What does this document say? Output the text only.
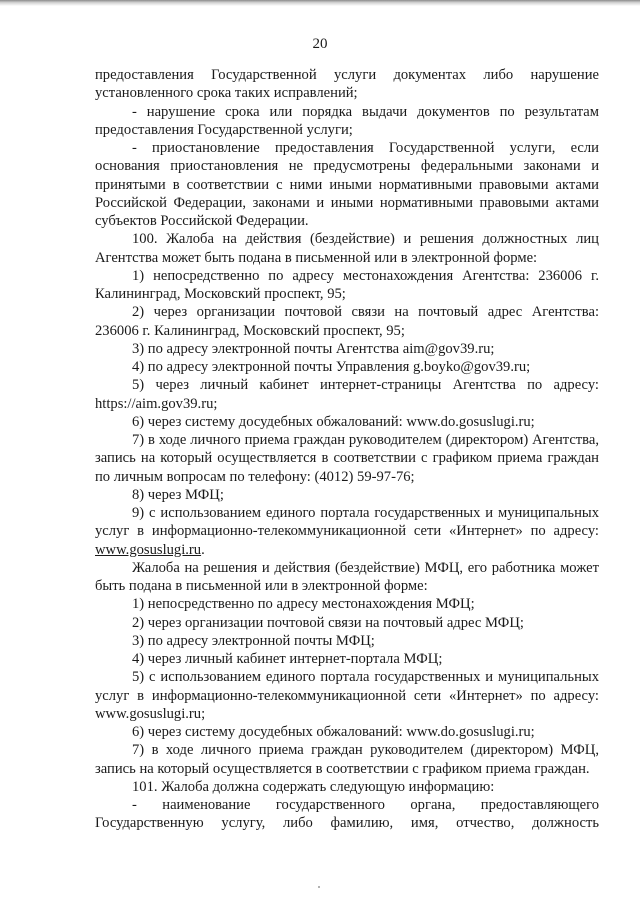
20

предоставления Государственной услуги документах либо нарушение установленного срока таких исправлений;

- нарушение срока или порядка выдачи документов по результатам предоставления Государственной услуги;

- приостановление предоставления Государственной услуги, если основания приостановления не предусмотрены федеральными законами и принятыми в соответствии с ними иными нормативными правовыми актами Российской Федерации, законами и иными нормативными правовыми актами субъектов Российской Федерации.

100. Жалоба на действия (бездействие) и решения должностных лиц Агентства может быть подана в письменной или в электронной форме:

1) непосредственно по адресу местонахождения Агентства: 236006 г. Калининград, Московский проспект, 95;

2) через организации почтовой связи на почтовый адрес Агентства: 236006 г. Калининград, Московский проспект, 95;

3) по адресу электронной почты Агентства aim@gov39.ru;

4) по адресу электронной почты Управления g.boyko@gov39.ru;

5) через личный кабинет интернет-страницы Агентства по адресу: https://aim.gov39.ru;

6) через систему досудебных обжалований: www.do.gosuslugi.ru;

7) в ходе личного приема граждан руководителем (директором) Агентства, запись на который осуществляется в соответствии с графиком приема граждан по личным вопросам по телефону: (4012) 59-97-76;

8) через МФЦ;

9) с использованием единого портала государственных и муниципальных услуг в информационно-телекоммуникационной сети «Интернет» по адресу: www.gosuslugi.ru.

Жалоба на решения и действия (бездействие) МФЦ, его работника может быть подана в письменной или в электронной форме:

1) непосредственно по адресу местонахождения МФЦ;

2) через организации почтовой связи на почтовый адрес МФЦ;

3) по адресу электронной почты МФЦ;

4) через личный кабинет интернет-портала МФЦ;

5) с использованием единого портала государственных и муниципальных услуг в информационно-телекоммуникационной сети «Интернет» по адресу: www.gosuslugi.ru;

6) через систему досудебных обжалований: www.do.gosuslugi.ru;

7) в ходе личного приема граждан руководителем (директором) МФЦ, запись на который осуществляется в соответствии с графиком приема граждан.

101. Жалоба должна содержать следующую информацию:

- наименование государственного органа, предоставляющего Государственную услугу, либо фамилию, имя, отчество, должность
